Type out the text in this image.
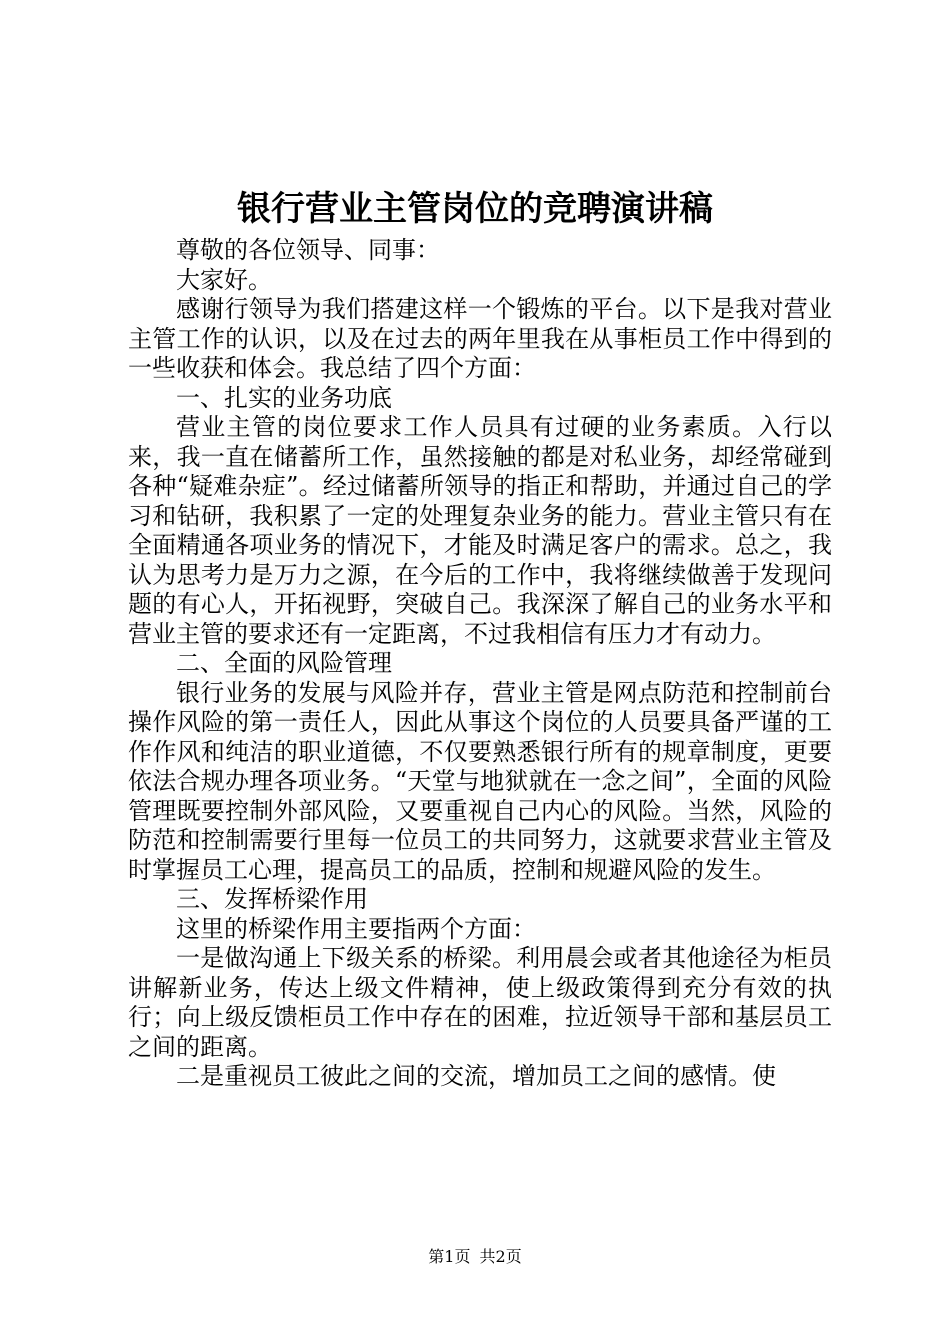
银行营业主管岗位的竞聘演讲稿

尊敬的各位领导、同事：

大家好。

感谢行领导为我们搭建这样一个锻炼的平台。以下是我对营业主管工作的认识，以及在过去的两年里我在从事柜员工作中得到的一些收获和体会。我总结了四个方面：

一、扎实的业务功底

营业主管的岗位要求工作人员具有过硬的业务素质。入行以来，我一直在储蓄所工作，虽然接触的都是对私业务，却经常碰到各种“疑难杂症”。经过储蓄所领导的指正和帮助，并通过自己的学习和钻研，我积累了一定的处理复杂业务的能力。营业主管只有在全面精通各项业务的情况下，才能及时满足客户的需求。总之，我认为思考力是万力之源，在今后的工作中，我将继续做善于发现问题的有心人，开拓视野，突破自己。我深深了解自己的业务水平和营业主管的要求还有一定距离，不过我相信有压力才有动力。

二、全面的风险管理

银行业务的发展与风险并存，营业主管是网点防范和控制前台操作风险的第一责任人，因此从事这个岗位的人员要具备严谨的工作作风和纯洁的职业道德，不仅要熟悉银行所有的规章制度，更要依法合规办理各项业务。“天堂与地狱就在一念之间”，全面的风险管理既要控制外部风险，又要重视自己内心的风险。当然，风险的防范和控制需要行里每一位员工的共同努力，这就要求营业主管及时掌握员工心理，提高员工的品质，控制和规避风险的发生。

三、发挥桥梁作用

这里的桥梁作用主要指两个方面：

一是做沟通上下级关系的桥梁。利用晨会或者其他途径为柜员讲解新业务，传达上级文件精神，使上级政策得到充分有效的执行；向上级反馈柜员工作中存在的困难，拉近领导干部和基层员工之间的距离。

二是重视员工彼此之间的交流，增加员工之间的感情。使

第1页 共2页
